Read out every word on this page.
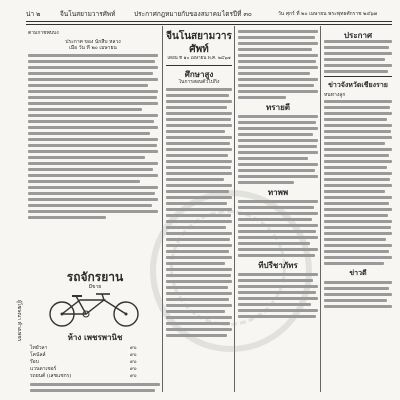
น่า ๒	จีนโนสยามวารศัพท์	ประกาศกฎหมายกับของสมาคม ไตรปีที่ ๓๐	วัน ศุกร์ ที่ ๒๐ เมษายน พระพุทธศักราช ๒๔๖๗
ตามกาชพบบง
ประกาศ ของ นักสืบ หลวง
เมื่อ วัน ที่ ๒๐ เมษายน
ผู้โฆษณา ห้างเพชร
รถจักรยาน
มีขาย
ห้าง เพชรพานิช
ไทยัวลา	๙๐
โคนัลล์	๙๐
ร๊อบ	๙๐
แวนดาเชอร์	๙๐
รถยนต์ (เสชแชกร)	๙๐
จีนโนสยามวารศัพท์
เดือน ที่ ๑๐ เมษายน พ.ศ. ๒๔๖๗
ศึกษาสูง
ในการสอบตัวไปกิ้ง
ทรายตี
ทาพพ
ทีปรีชาภัทร
ประกาศ
ข่าวจังหวัดเชียงราย
หนทางลูก
ข่าวตี
